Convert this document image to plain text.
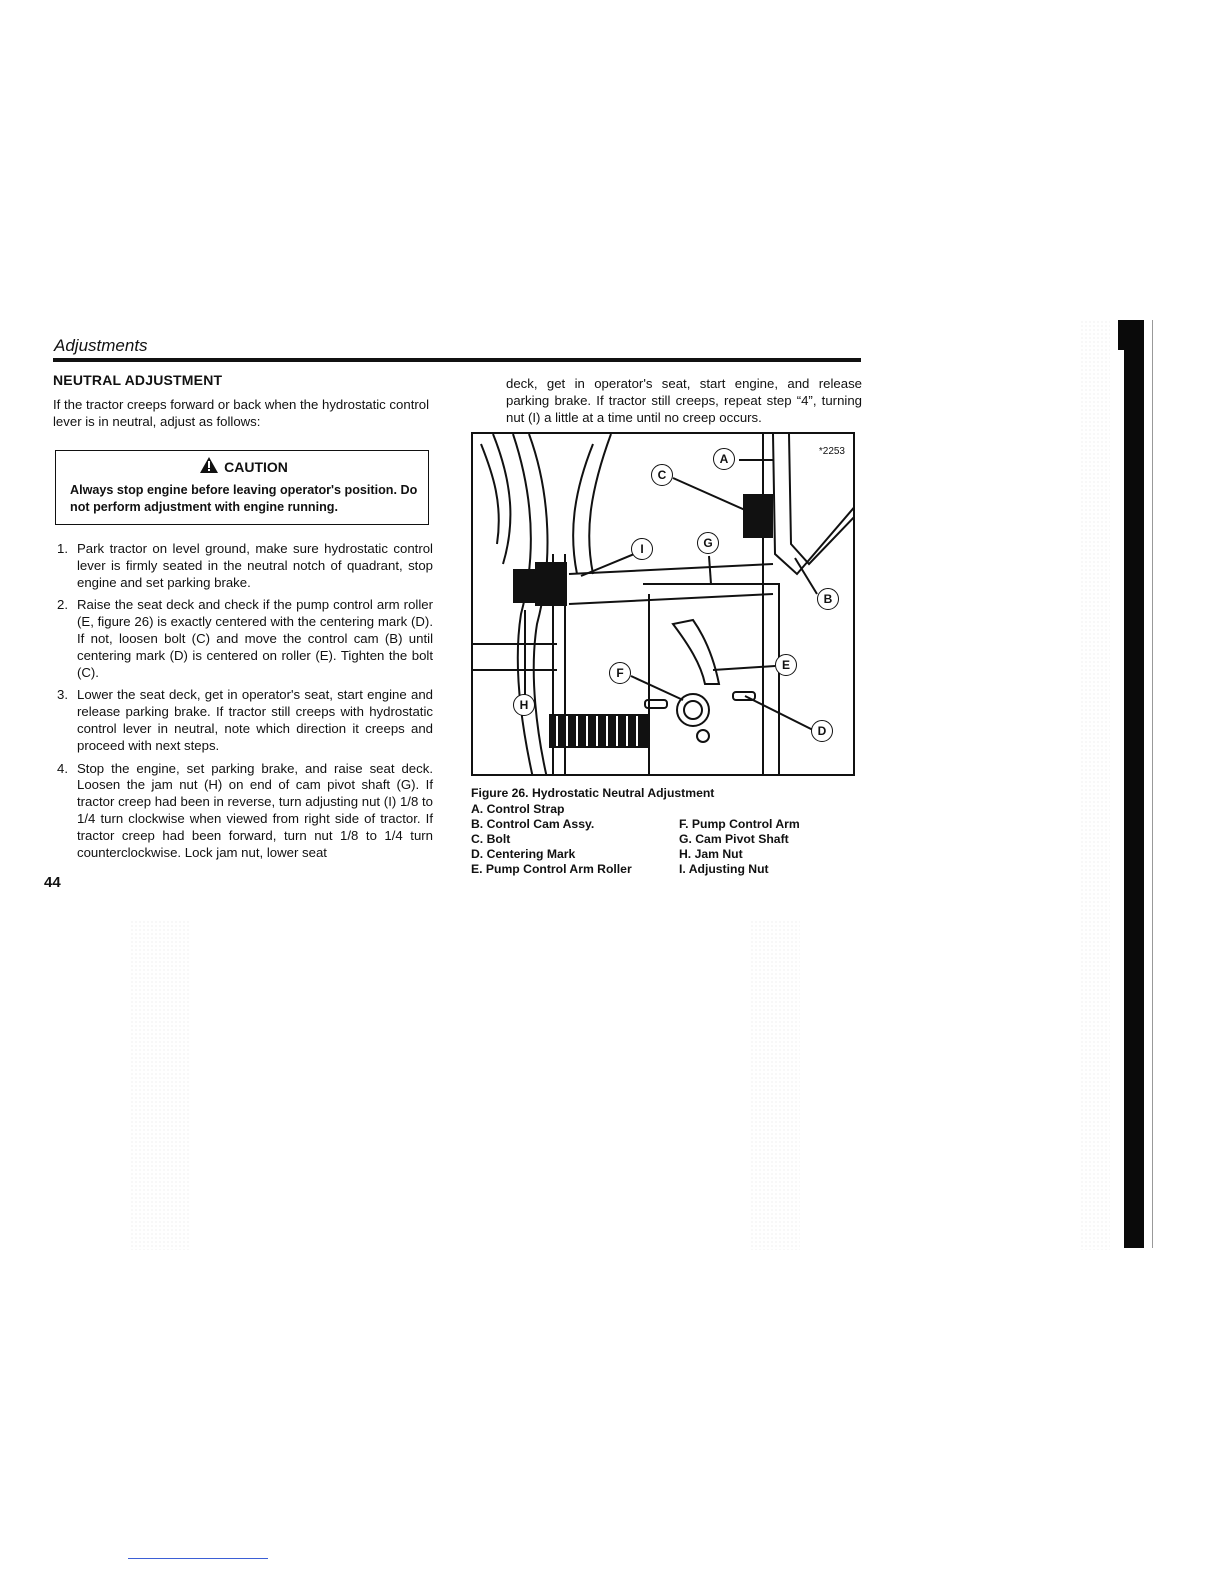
Adjustments
NEUTRAL ADJUSTMENT

If the tractor creeps forward or back when the hydrostatic control lever is in neutral, adjust as follows:

CAUTION
Always stop engine before leaving operator's position. Do not perform adjustment with engine running.
1. Park tractor on level ground, make sure hydrostatic control lever is firmly seated in the neutral notch of quadrant, stop engine and set parking brake.
2. Raise the seat deck and check if the pump control arm roller (E, figure 26) is exactly centered with the centering mark (D). If not, loosen bolt (C) and move the control cam (B) until centering mark (D) is centered on roller (E). Tighten the bolt (C).
3. Lower the seat deck, get in operator's seat, start engine and release parking brake. If tractor still creeps with hydrostatic control lever in neutral, note which direction it creeps and proceed with next steps.
4. Stop the engine, set parking brake, and raise seat deck. Loosen the jam nut (H) on end of cam pivot shaft (G). If tractor creep had been in reverse, turn adjusting nut (I) 1/8 to 1/4 turn clockwise when viewed from right side of tractor. If tractor creep had been forward, turn nut 1/8 to 1/4 turn counterclockwise. Lock jam nut, lower seat

deck, get in operator's seat, start engine, and release parking brake. If tractor still creeps, repeat step “4”, turning nut (I) a little at a time until no creep occurs.

*2253
A
B
C
D
E
F
G
H
I
Figure 26. Hydrostatic Neutral Adjustment
A. Control Strap
B. Control Cam Assy.	F. Pump Control Arm
C. Bolt	G. Cam Pivot Shaft
D. Centering Mark	H. Jam Nut
E. Pump Control Arm Roller	I. Adjusting Nut
44
